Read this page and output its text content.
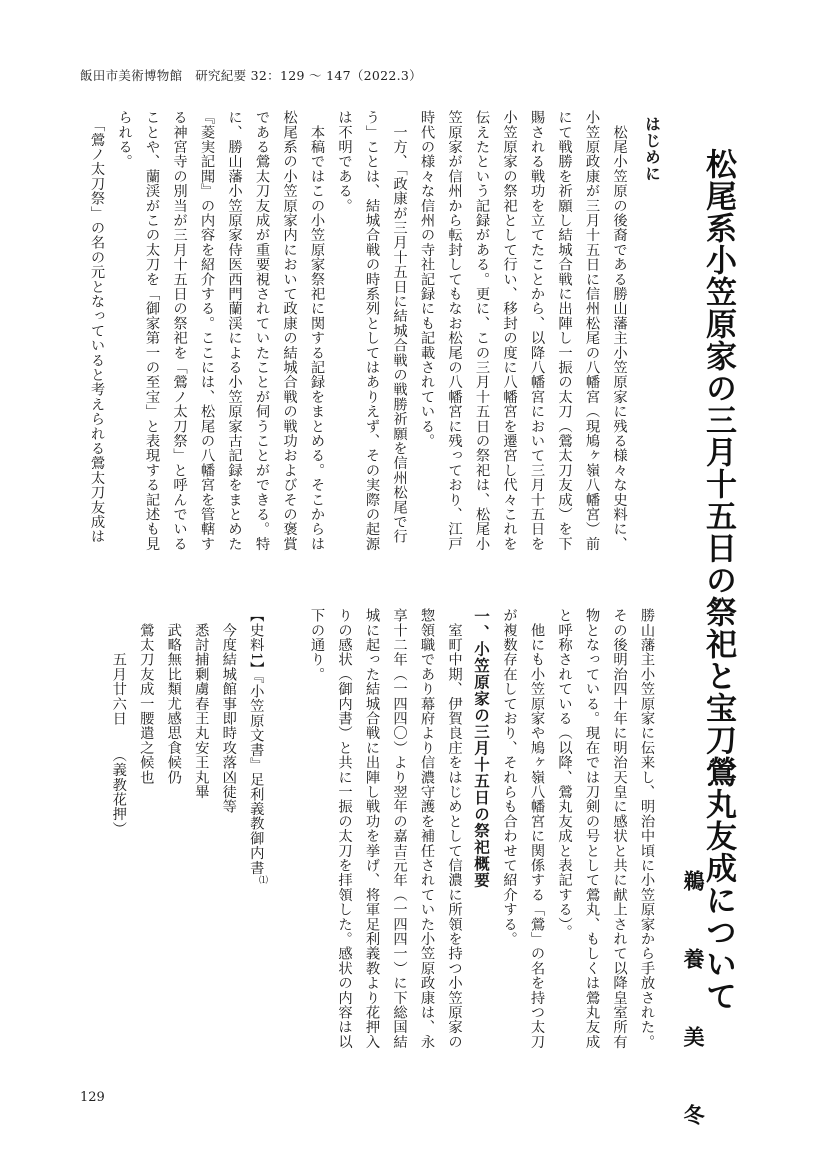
飯田市美術博物館　研究紀要 32：129 ～ 147（2022.3）
松尾系小笠原家の三月十五日の祭祀と宝刀鶯丸友成について
鵜　養　美　冬
はじめに
　松尾小笠原の後裔である勝山藩主小笠原家に残る様々な史料に、
小笠原政康が三月十五日に信州松尾の八幡宮（現鳩ヶ嶺八幡宮）前
にて戦勝を祈願し結城合戦に出陣し一振の太刀（鶯太刀友成）を下
賜される戦功を立てたことから、以降八幡宮において三月十五日を
小笠原家の祭祀として行い、移封の度に八幡宮を遷宮し代々これを
伝えたという記録がある。更に、この三月十五日の祭祀は、松尾小
笠原家が信州から転封してもなお松尾の八幡宮に残っており、江戸
時代の様々な信州の寺社記録にも記載されている。
　一方、「政康が三月十五日に結城合戦の戦勝祈願を信州松尾で行
う」ことは、結城合戦の時系列としてはありえず、その実際の起源
は不明である。
　本稿ではこの小笠原家祭祀に関する記録をまとめる。そこからは
松尾系の小笠原家内において政康の結城合戦の戦功およびその褒賞
である鶯太刀友成が重要視されていたことが伺うことができる。特
に、勝山藩小笠原家侍医西門蘭渓による小笠原家古記録をまとめた
『菱実記聞』の内容を紹介する。ここには、松尾の八幡宮を管轄す
る神宮寺の別当が三月十五日の祭祀を「鶯ノ太刀祭」と呼んでいる
ことや、蘭渓がこの太刀を「御家第一の至宝」と表現する記述も見
られる。
　「鶯ノ太刀祭」の名の元となっていると考えられる鶯太刀友成は
勝山藩主小笠原家に伝来し、明治中頃に小笠原家から手放された。
その後明治四十年に明治天皇に感状と共に献上されて以降皇室所有
物となっている。現在では刀剣の号として鶯丸、もしくは鶯丸友成
と呼称されている（以降、鶯丸友成と表記する）。
　他にも小笠原家や鳩ヶ嶺八幡宮に関係する「鶯」の名を持つ太刀
が複数存在しており、それらも合わせて紹介する。
一、小笠原家の三月十五日の祭祀概要
　室町中期、伊賀良庄をはじめとして信濃に所領を持つ小笠原家の
惣領職であり幕府より信濃守護を補任されていた小笠原政康は、永
享十二年（一四四〇）より翌年の嘉吉元年（一四四一）に下総国結
城に起った結城合戦に出陣し戦功を挙げ、将軍足利義教より花押入
りの感状（御内書）と共に一振の太刀を拝領した。感状の内容は以
下の通り。
【史料1】『小笠原文書』足利義教御内書⑴
　今度結城館事即時攻落凶徒等
　悉討捕剰虜春王丸安王丸畢
　武略無比類尤感思食候仍
　鶯太刀友成一腰遣之候也
　　　五月廿六日　　（義教花押）
129
